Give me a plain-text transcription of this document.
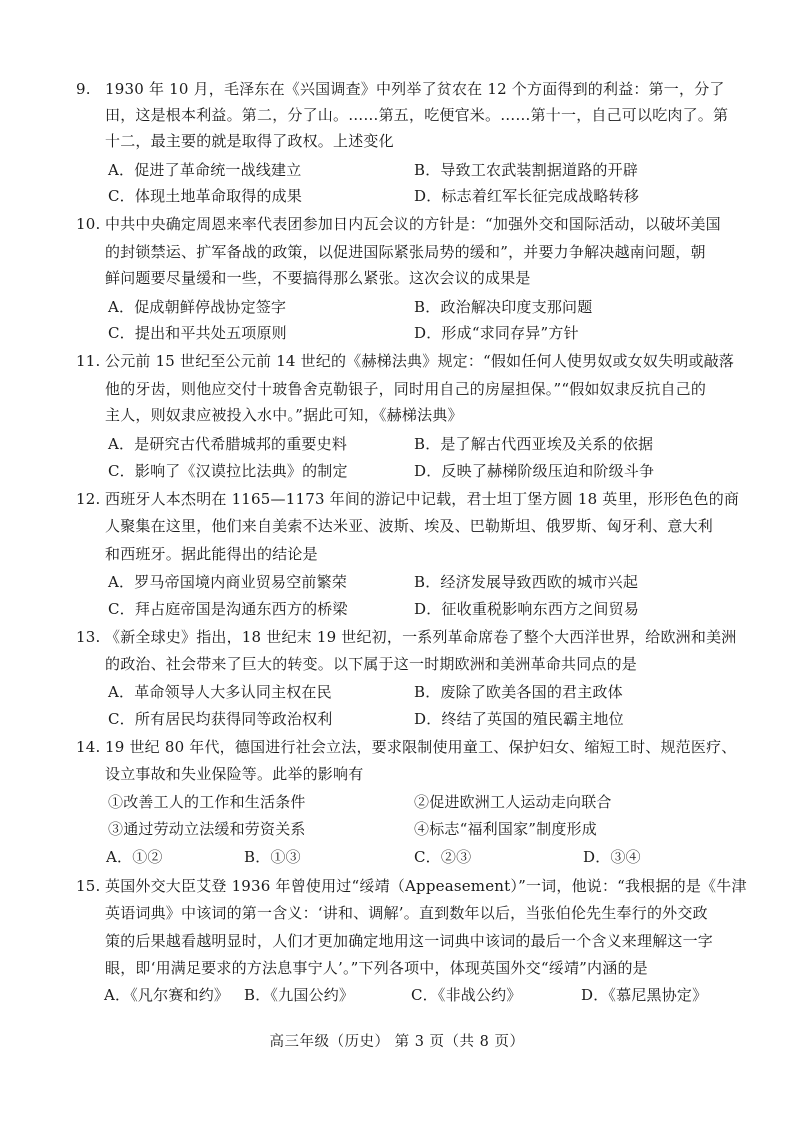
9. 1930 年 10 月，毛泽东在《兴国调查》中列举了贫农在 12 个方面得到的利益：第一，分了
田，这是根本利益。第二，分了山。……第五，吃便官米。……第十一，自己可以吃肉了。第
十二，最主要的就是取得了政权。上述变化
A．促进了革命统一战线建立	B．导致工农武装割据道路的开辟
C．体现土地革命取得的成果	D．标志着红军长征完成战略转移
10. 中共中央确定周恩来率代表团参加日内瓦会议的方针是：“加强外交和国际活动，以破坏美国
的封锁禁运、扩军备战的政策，以促进国际紧张局势的缓和”，并要力争解决越南问题，朝
鲜问题要尽量缓和一些，不要搞得那么紧张。这次会议的成果是
A．促成朝鲜停战协定签字	B．政治解决印度支那问题
C．提出和平共处五项原则	D．形成“求同存异”方针
11. 公元前 15 世纪至公元前 14 世纪的《赫梯法典》规定：“假如任何人使男奴或女奴失明或敲落
他的牙齿，则他应交付十玻鲁舍克勒银子，同时用自己的房屋担保。”“假如奴隶反抗自己的
主人，则奴隶应被投入水中。”据此可知，《赫梯法典》
A．是研究古代希腊城邦的重要史料	B．是了解古代西亚埃及关系的依据
C．影响了《汉谟拉比法典》的制定	D．反映了赫梯阶级压迫和阶级斗争
12. 西班牙人本杰明在 1165—1173 年间的游记中记载，君士坦丁堡方圆 18 英里，形形色色的商
人聚集在这里，他们来自美索不达米亚、波斯、埃及、巴勒斯坦、俄罗斯、匈牙利、意大利
和西班牙。据此能得出的结论是
A．罗马帝国境内商业贸易空前繁荣	B．经济发展导致西欧的城市兴起
C．拜占庭帝国是沟通东西方的桥梁	D．征收重税影响东西方之间贸易
13. 《新全球史》指出，18 世纪末 19 世纪初，一系列革命席卷了整个大西洋世界，给欧洲和美洲
的政治、社会带来了巨大的转变。以下属于这一时期欧洲和美洲革命共同点的是
A．革命领导人大多认同主权在民	B．废除了欧美各国的君主政体
C．所有居民均获得同等政治权利	D．终结了英国的殖民霸主地位
14. 19 世纪 80 年代，德国进行社会立法，要求限制使用童工、保护妇女、缩短工时、规范医疗、
设立事故和失业保险等。此举的影响有
①改善工人的工作和生活条件	②促进欧洲工人运动走向联合
③通过劳动立法缓和劳资关系	④标志“福利国家”制度形成
A．①②	B．①③	C．②③	D．③④
15. 英国外交大臣艾登 1936 年曾使用过“绥靖（Appeasement）”一词，他说：“我根据的是《牛津
英语词典》中该词的第一含义：‘讲和、调解’。直到数年以后，当张伯伦先生奉行的外交政
策的后果越看越明显时，人们才更加确定地用这一词典中该词的最后一个含义来理解这一字
眼，即‘用满足要求的方法息事宁人’。”下列各项中，体现英国外交“绥靖”内涵的是
A．《凡尔赛和约》 B．《九国公约》	C．《非战公约》	D．《慕尼黑协定》
高三年级（历史） 第 3 页（共 8 页）
